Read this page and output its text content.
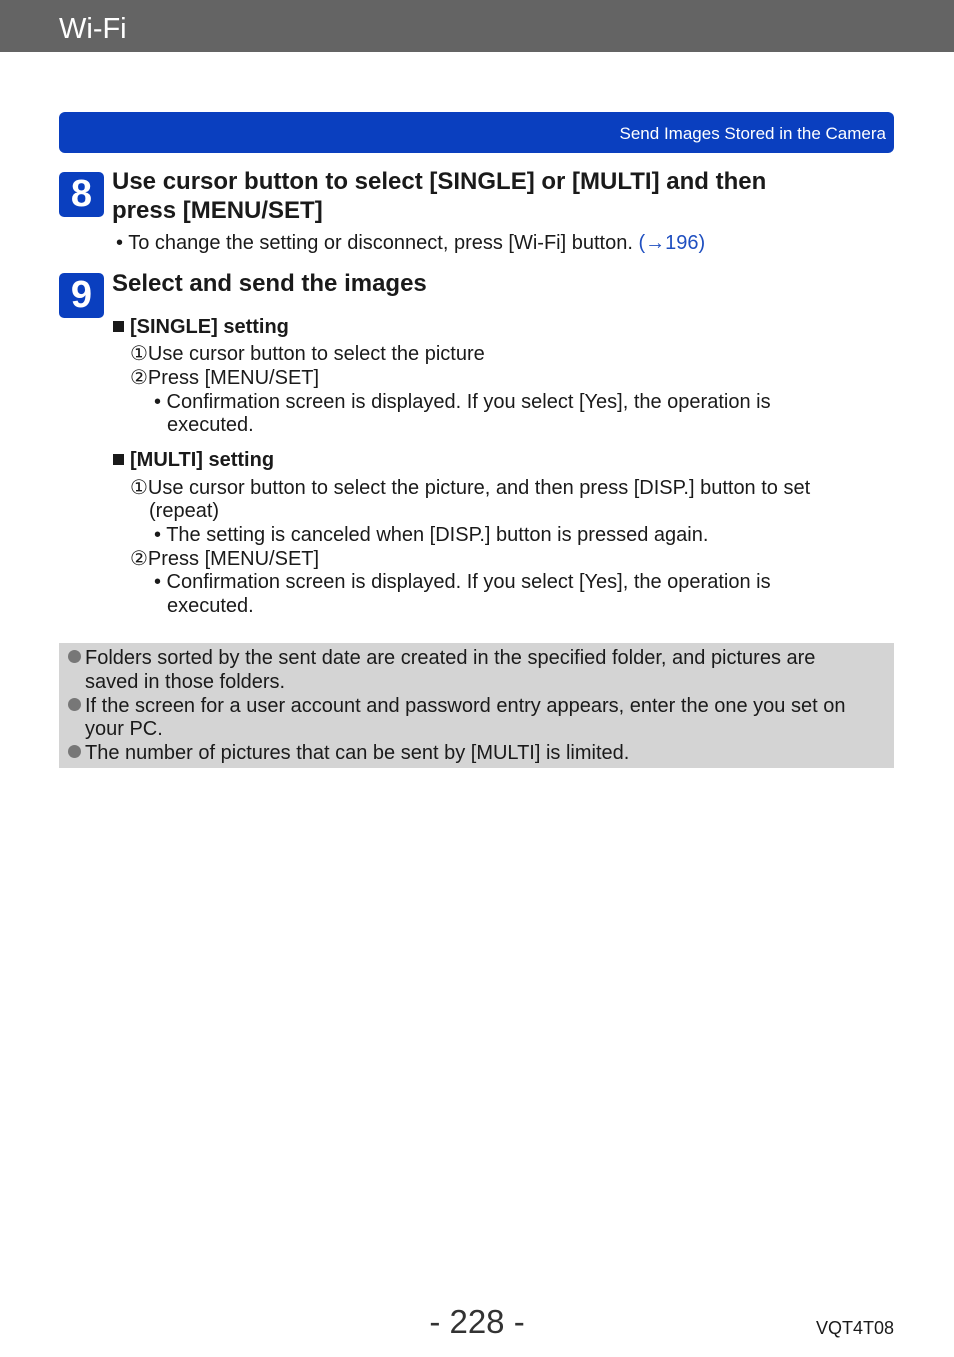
Wi-Fi
Send Images Stored in the Camera
8 Use cursor button to select [SINGLE] or [MULTI] and then
press [MENU/SET]
• To change the setting or disconnect, press [Wi-Fi] button. (→196)
9 Select and send the images
[SINGLE] setting
①Use cursor button to select the picture
②Press [MENU/SET]
• Confirmation screen is displayed. If you select [Yes], the operation is
executed.
[MULTI] setting
①Use cursor button to select the picture, and then press [DISP.] button to set
(repeat)
• The setting is canceled when [DISP.] button is pressed again.
②Press [MENU/SET]
• Confirmation screen is displayed. If you select [Yes], the operation is
executed.
Folders sorted by the sent date are created in the specified folder, and pictures are
saved in those folders.
If the screen for a user account and password entry appears, enter the one you set on
your PC.
The number of pictures that can be sent by [MULTI] is limited.
- 228 -	VQT4T08
